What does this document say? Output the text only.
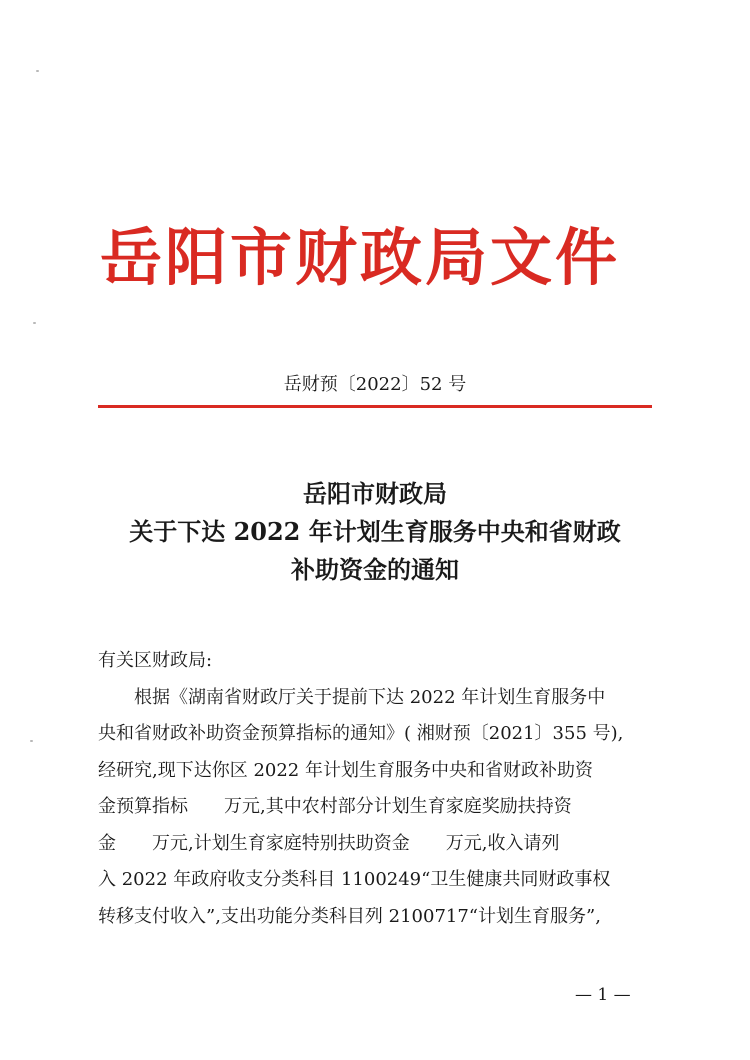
岳阳市财政局文件
岳财预〔2022〕52 号
岳阳市财政局
关于下达 2022 年计划生育服务中央和省财政
补助资金的通知
有关区财政局:
根据《湖南省财政厅关于提前下达 2022 年计划生育服务中
央和省财政补助资金预算指标的通知》( 湘财预〔2021〕355 号),
经研究,现下达你区 2022 年计划生育服务中央和省财政补助资
金预算指标　　万元,其中农村部分计划生育家庭奖励扶持资
金　　万元,计划生育家庭特别扶助资金　　万元,收入请列
入 2022 年政府收支分类科目 1100249“卫生健康共同财政事权
转移支付收入”,支出功能分类科目列 2100717“计划生育服务”,
— 1 —
